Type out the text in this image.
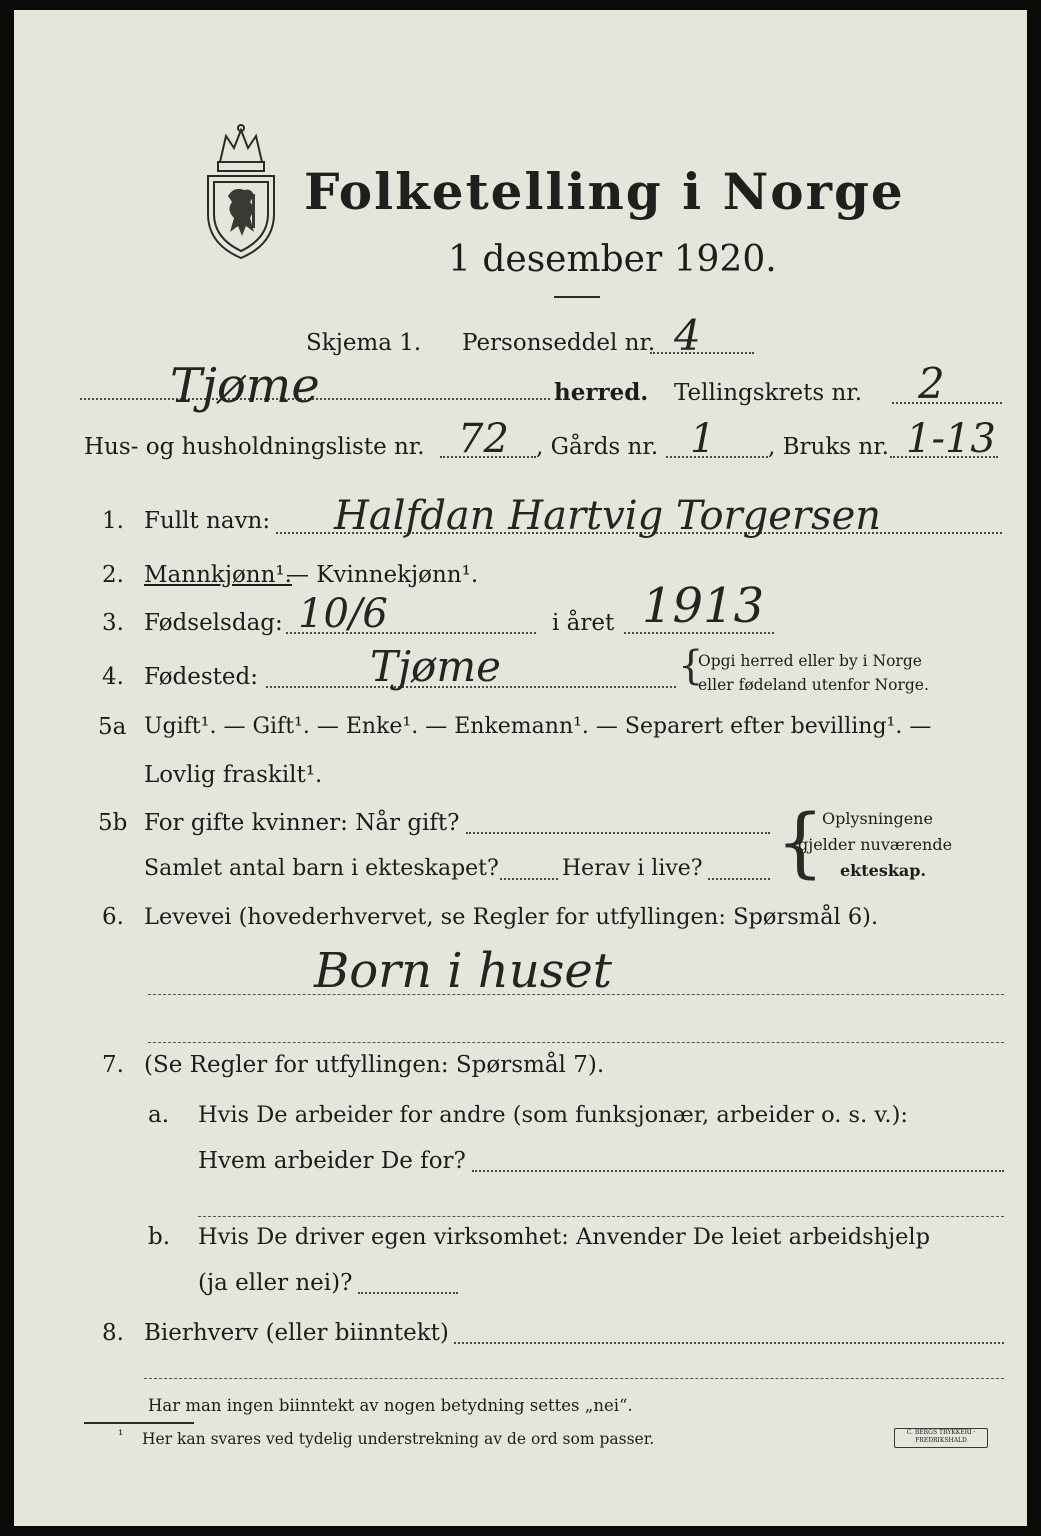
Folketelling i Norge
1 desember 1920.
Skjema 1. Personseddel nr. 4
Tjøme	herred. Tellingskrets nr. 2
Hus- og husholdningsliste nr. 72 , Gårds nr. 1 , Bruks nr. 1-13
1. Fullt navn: Halfdan Hartvig Torgersen
2. Mannkjønn¹.
— Kvinnekjønn¹.
3. Fødselsdag: 10/6	i året 1913
4. Fødested:	Tjøme	{
Opgi herred eller by i Norge
eller fødeland utenfor Norge.
5a Ugift¹. — Gift¹. — Enke¹. — Enkemann¹. — Separert efter bevilling¹. —
Lovlig fraskilt¹.
5b For gifte kvinner: Når gift?
Samlet antal barn i ekteskapet?	Herav i live? {
Oplysningene
gjelder nuværende
ekteskap.
6. Levevei (hovederhvervet, se Regler for utfyllingen: Spørsmål 6).
Born i huset
7. (Se Regler for utfyllingen: Spørsmål 7).
a. Hvis De arbeider for andre (som funksjonær, arbeider o. s. v.):
Hvem arbeider De for?
b. Hvis De driver egen virksomhet: Anvender De leiet arbeidshjelp
(ja eller nei)?
8. Bierhverv (eller biinntekt)
Har man ingen biinntekt av nogen betydning settes „nei“.
¹ Her kan svares ved tydelig understrekning av de ord som passer.	C. BERGS TRYKKERI · FREDRIKSHALD
